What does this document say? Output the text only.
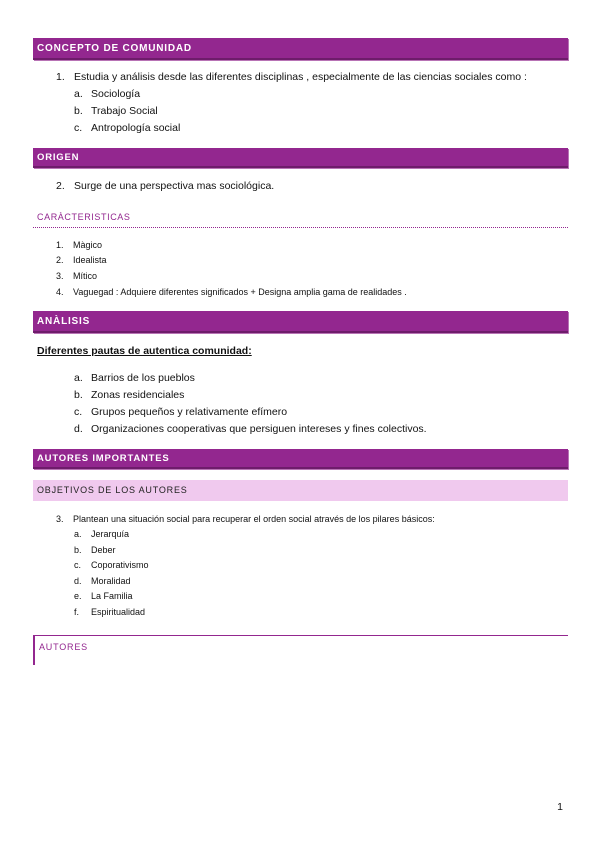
CONCEPTO DE COMUNIDAD
1. Estudia y análisis desde las diferentes disciplinas , especialmente de las ciencias sociales como :
a. Sociología
b. Trabajo Social
c. Antropología social
ORIGEN
2. Surge de una perspectiva mas sociológica.
CARÀCTERISTICAS
1. Màgico
2. Idealista
3. Mítico
4. Vaguegad : Adquiere diferentes significados + Designa amplia gama de realidades .
ANÀLISIS
Diferentes pautas de autentica comunidad:
a. Barrios de los pueblos
b. Zonas residenciales
c. Grupos pequeños y relativamente efímero
d. Organizaciones cooperativas que persiguen intereses y fines colectivos.
AUTORES IMPORTANTES
OBJETIVOS DE LOS AUTORES
3. Plantean una situación social para recuperar el orden social através de los pilares básicos:
a. Jerarquía
b. Deber
c. Coporativismo
d. Moralidad
e. La Familia
f. Espiritualidad
AUTORES
1
